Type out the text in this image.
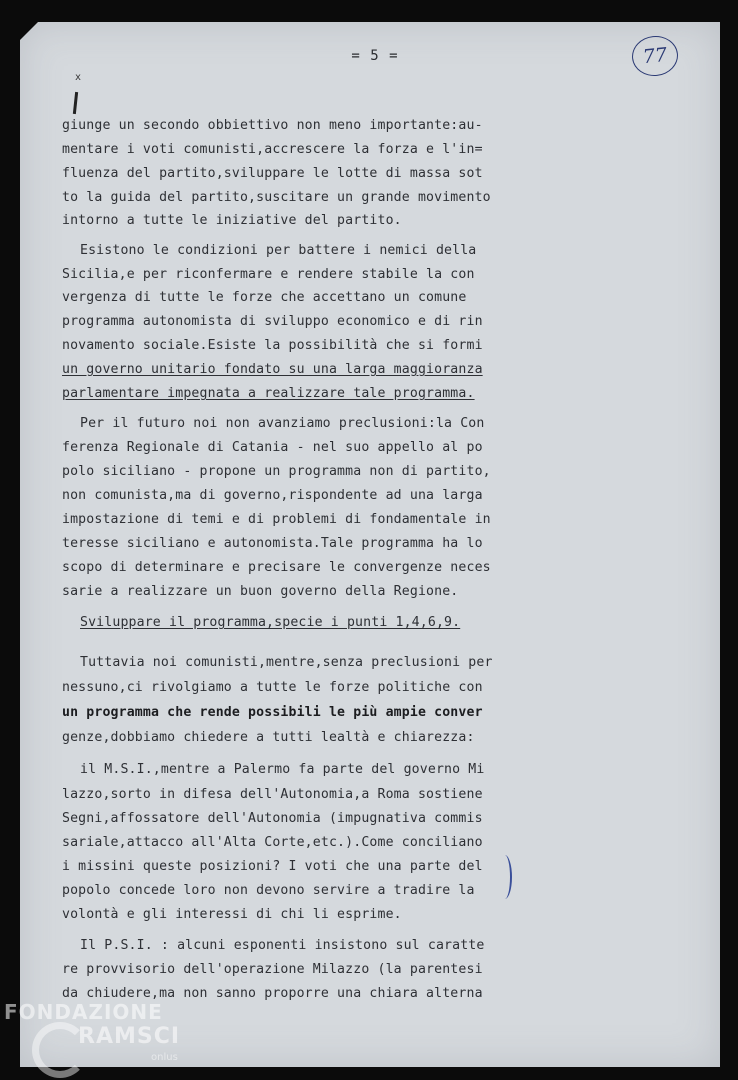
= 5 =	77
x
giunge un secondo obbiettivo non meno importante:au-
mentare i voti comunisti,accrescere la forza e l'in=
fluenza del partito,sviluppare le lotte di massa sot
to la guida del partito,suscitare un grande movimento
intorno a tutte le iniziative del partito.
Esistono le condizioni per battere i nemici della
Sicilia,e per riconfermare e rendere stabile la con
vergenza di tutte le forze che accettano un comune
programma autonomista di sviluppo economico e di rin
novamento sociale.Esiste la possibilità che si formi
un governo unitario fondato su una larga maggioranza
parlamentare impegnata a realizzare tale programma.
Per il futuro noi non avanziamo preclusioni:la Con
ferenza Regionale di Catania - nel suo appello al po
polo siciliano - propone un programma non di partito,
non comunista,ma di governo,rispondente ad una larga
impostazione di temi e di problemi di fondamentale in
teresse siciliano e autonomista.Tale programma ha lo
scopo di determinare e precisare le convergenze neces
sarie a realizzare un buon governo della Regione.
Sviluppare il programma,specie i punti 1,4,6,9.
Tuttavia noi comunisti,mentre,senza preclusioni per
nessuno,ci rivolgiamo a tutte le forze politiche con
un programma che rende possibili le più ampie conver
genze,dobbiamo chiedere a tutti lealtà e chiarezza:
il M.S.I.,mentre a Palermo fa parte del governo Mi
lazzo,sorto in difesa dell'Autonomia,a Roma sostiene
Segni,affossatore dell'Autonomia (impugnativa commis
sariale,attacco all'Alta Corte,etc.).Come conciliano
i missini queste posizioni? I voti che una parte del
popolo concede loro non devono servire a tradire la
volontà e gli interessi di chi li esprime.
Il P.S.I. : alcuni esponenti insistono sul caratte
re provvisorio dell'operazione Milazzo (la parentesi
da chiudere,ma non sanno proporre una chiara alterna
FONDAZIONE
RAMSCI
onlus
